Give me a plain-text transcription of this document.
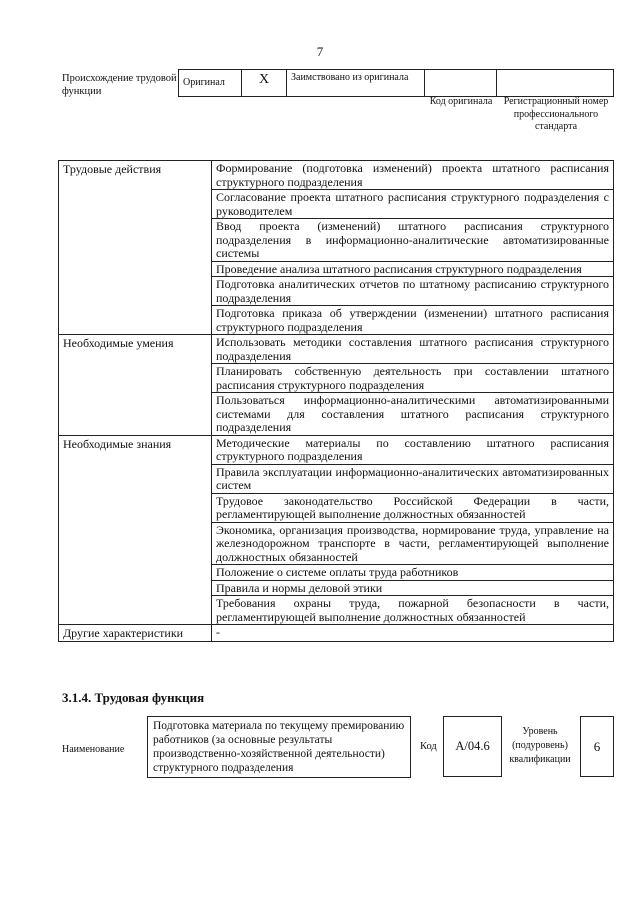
7
Происхождение трудовой функции
Оригинал	X	Заимствовано из оригинала
Код оригинала	Регистрационный номер профессионального стандарта
Трудовые действия	Формирование (подготовка изменений) проекта штатного расписания структурного подразделения
	Согласование проекта штатного расписания структурного подразделения с руководителем
	Ввод проекта (изменений) штатного расписания структурного подразделения в информационно-аналитические автоматизированные системы
	Проведение анализа штатного расписания структурного подразделения
	Подготовка аналитических отчетов по штатному расписанию структурного подразделения
	Подготовка приказа об утверждении (изменении) штатного расписания структурного подразделения
Необходимые умения	Использовать методики составления штатного расписания структурного подразделения
	Планировать собственную деятельность при составлении штатного расписания структурного подразделения
	Пользоваться информационно-аналитическими автоматизированными системами для составления штатного расписания структурного подразделения
Необходимые знания	Методические материалы по составлению штатного расписания структурного подразделения
	Правила эксплуатации информационно-аналитических автоматизированных систем
	Трудовое законодательство Российской Федерации в части, регламентирующей выполнение должностных обязанностей
	Экономика, организация производства, нормирование труда, управление на железнодорожном транспорте в части, регламентирующей выполнение должностных обязанностей
	Положение о системе оплаты труда работников
	Правила и нормы деловой этики
	Требования охраны труда, пожарной безопасности в части, регламентирующей выполнение должностных обязанностей
Другие характеристики	-
3.1.4. Трудовая функция
Наименование
Подготовка материала по текущему премированию работников (за основные результаты производственно-хозяйственной деятельности) структурного подразделения
Код	А/04.6
Уровень (подуровень) квалификации
6
